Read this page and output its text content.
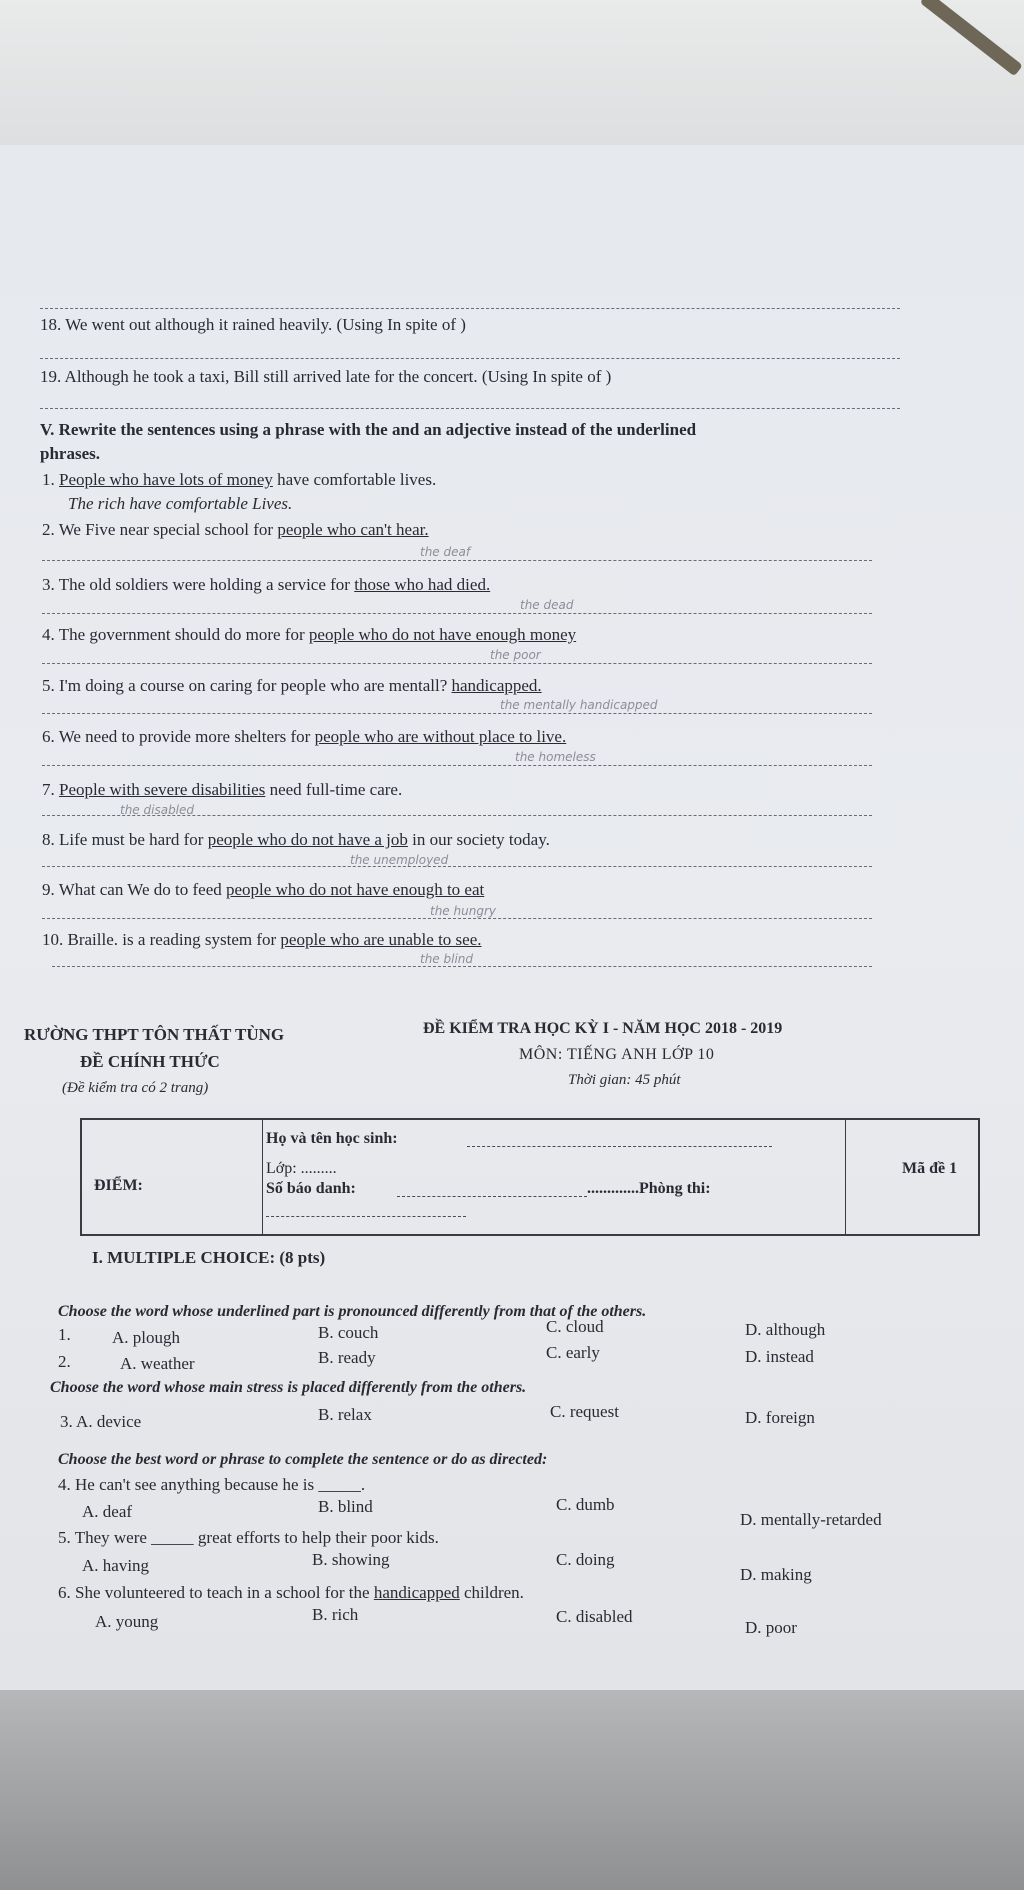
18. We went out although it rained heavily. (Using In spite of )
19. Although he took a taxi, Bill still arrived late for the concert. (Using In spite of )
V. Rewrite the sentences using a phrase with the and an adjective instead of the underlined
phrases.
1. People who have lots of money have comfortable lives.
The rich have comfortable Lives.
2. We Five near special school for people who can't hear.
the deaf
3. The old soldiers were holding a service for those who had died.
the dead
4. The government should do more for people who do not have enough money
the poor
5. I'm doing a course on caring for people who are mentall? handicapped.
the mentally handicapped
6. We need to provide more shelters for people who are without place to live.
the homeless
7. People with severe disabilities need full-time care.
the disabled
8. Life must be hard for people who do not have a job in our society today.
the unemployed
9. What can We do to feed people who do not have enough to eat
the hungry
10. Braille. is a reading system for people who are unable to see.
the blind
RƯỜNG THPT TÔN THẤT TÙNG
ĐỀ CHÍNH THỨC
(Đề kiểm tra có 2 trang)
ĐỀ KIỂM TRA HỌC KỲ I - NĂM HỌC 2018 - 2019
MÔN: TIẾNG ANH LỚP 10
Thời gian: 45 phút
ĐIỂM:
Họ và tên học sinh:
Lớp: .........
Số báo danh:	.............Phòng thi:
Mã đề 1
I. MULTIPLE CHOICE: (8 pts)
Choose the word whose underlined part is pronounced differently from that of the others.
1. A. plough	B. couch	C. cloud	D. although
2.	A. weather	B. ready	C. early	D. instead
Choose the word whose main stress is placed differently from the others.
3. A. device	B. relax	C. request	D. foreign
Choose the best word or phrase to complete the sentence or do as directed:
4. He can't see anything because he is _____.
A. deaf	B. blind	C. dumb
D. mentally-retarded
5. They were _____ great efforts to help their poor kids.
A. having	B. showing	C. doing
D. making
6. She volunteered to teach in a school for the handicapped children.
A. young	B. rich	C. disabled
D. poor
